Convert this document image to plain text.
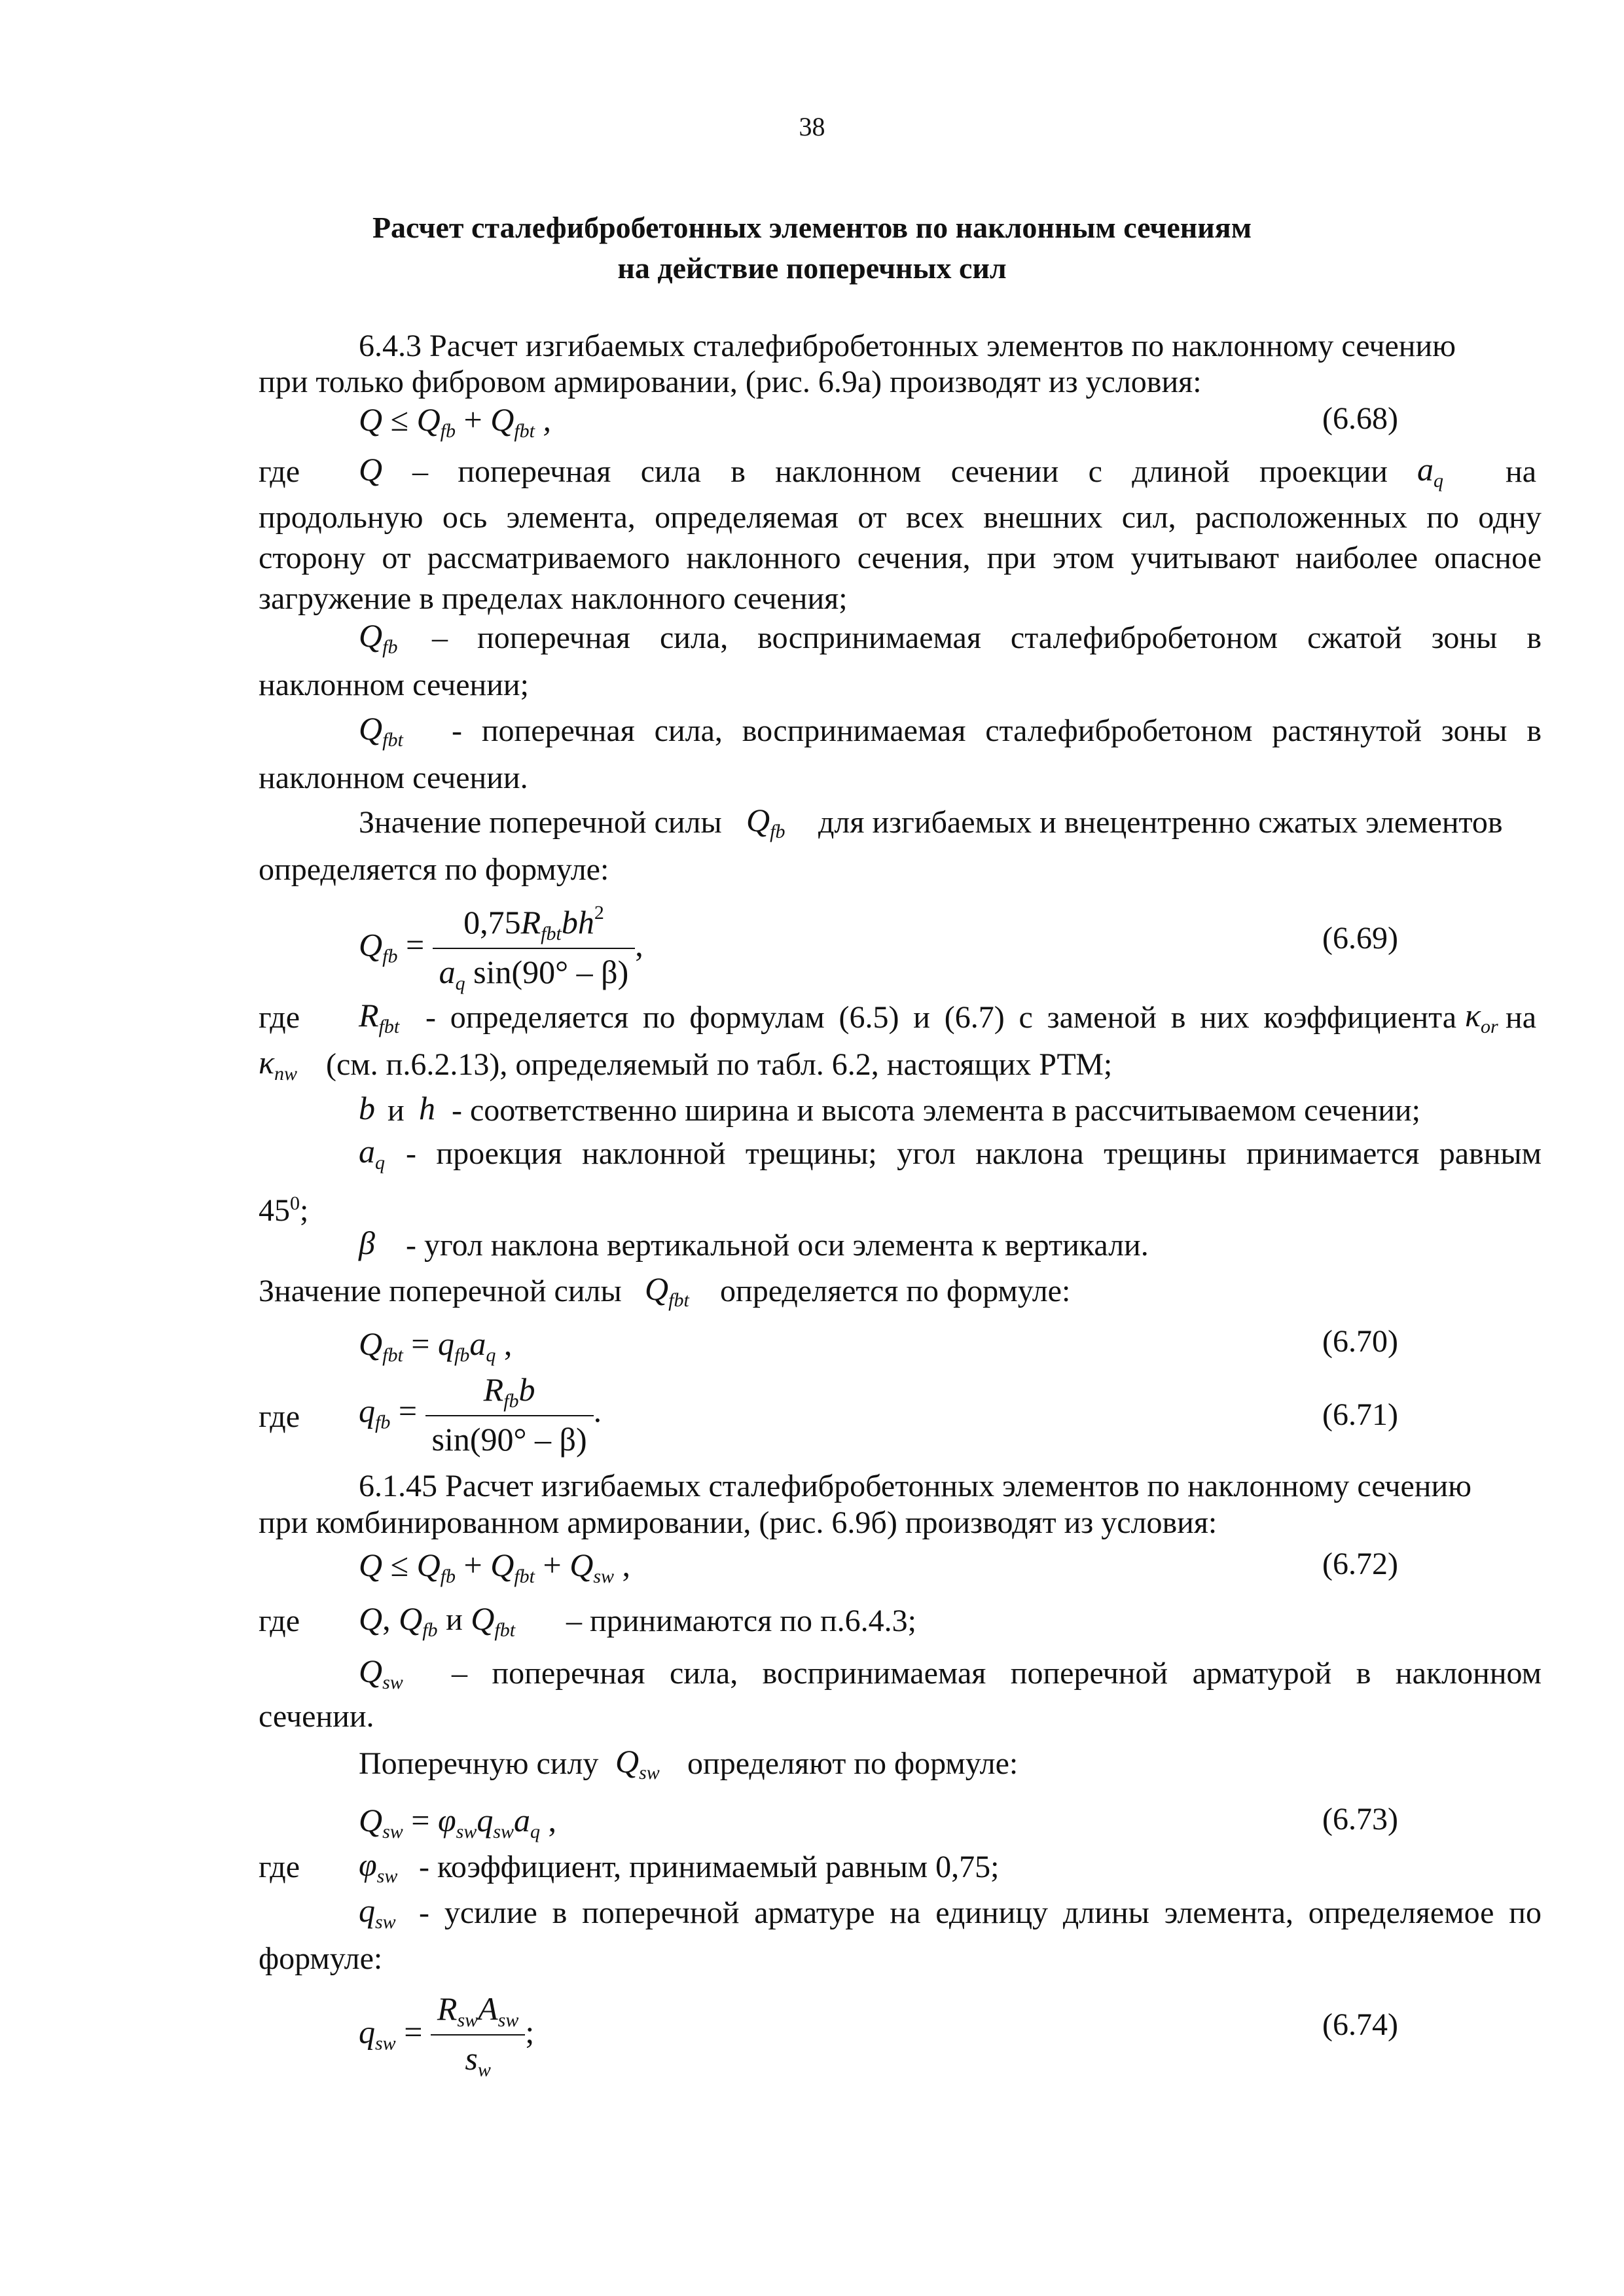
38
Расчет сталефибробетонных элементов по наклонным сечениям
на действие поперечных сил
6.4.3 Расчет изгибаемых сталефибробетонных элементов по наклонному сечению
при только фибровом армировании, (рис. 6.9а) производят из условия:
$Q \le Q_{fb} + Q_{fbt}$ ,	(6.68)
где Q – поперечная сила в наклонном сечении с длиной проекции $a_q$ на
продольную ось элемента, определяемая от всех внешних сил, расположенных по одну
сторону от рассматриваемого наклонного сечения, при этом учитывают наиболее опасное
загружение в пределах наклонного сечения;
$Q_{fb}$ – поперечная сила, воспринимаемая сталефибробетоном сжатой зоны в
наклонном сечении;
$Q_{fbt}$ - поперечная сила, воспринимаемая сталефибробетоном растянутой зоны в
наклонном сечении.
Значение поперечной силы $Q_{fb}$ для изгибаемых и внецентренно сжатых элементов
определяется по формуле:
$Q_{fb} = \frac{0,75R_{fbt}bh^2}{a_q \sin(90^\circ - \beta)}$ ,	(6.69)
где $R_{fbt}$ - определяется по формулам (6.5) и (6.7) с заменой в них коэффициента $\kappa_{or}$ на
$\kappa_{nw}$ (см. п.6.2.13), определяемый по табл. 6.2, настоящих РТМ;
b и h - соответственно ширина и высота элемента в рассчитываемом сечении;
$a_q$ - проекция наклонной трещины; угол наклона трещины принимается равным
$45^0$;
β - угол наклона вертикальной оси элемента к вертикали.
Значение поперечной силы $Q_{fbt}$ определяется по формуле:
$Q_{fbt} = q_{fb}a_q$ ,	(6.70)
где $q_{fb} = \frac{R_{fb}b}{\sin(90^\circ - \beta)}$ .	(6.71)
6.1.45 Расчет изгибаемых сталефибробетонных элементов по наклонному сечению
при комбинированном армировании, (рис. 6.9б) производят из условия:
$Q \le Q_{fb} + Q_{fbt} + Q_{sw}$ ,	(6.72)
где Q, $Q_{fb}$ и $Q_{fbt}$ – принимаются по п.6.4.3;
$Q_{sw}$ – поперечная сила, воспринимаемая поперечной арматурой в наклонном
сечении.
Поперечную силу $Q_{sw}$ определяют по формуле:
$Q_{sw} = \varphi_{sw}q_{sw}a_q$ ,	(6.73)
где $\varphi_{sw}$ - коэффициент, принимаемый равным 0,75;
$q_{sw}$ - усилие в поперечной арматуре на единицу длины элемента, определяемое по
формуле:
$q_{sw} = \frac{R_{sw}A_{sw}}{s_w}$ ;	(6.74)
